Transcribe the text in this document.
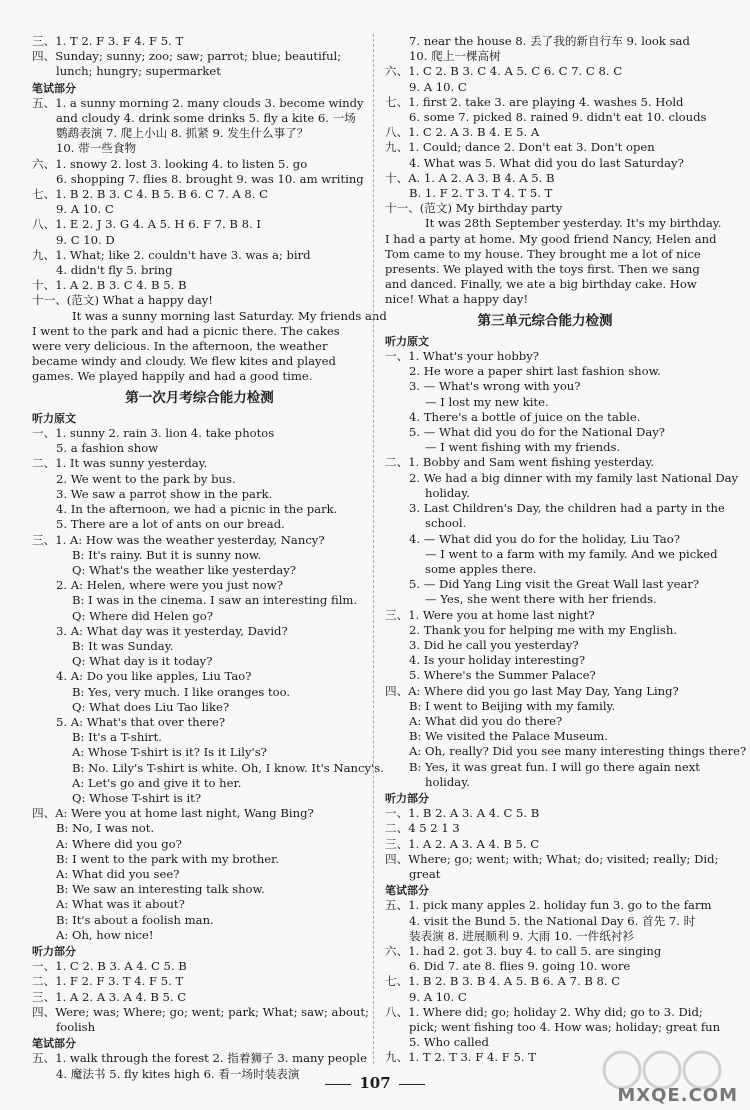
三、1. T 2. F 3. F 4. F 5. T
四、Sunday; sunny; zoo; saw; parrot; blue; beautiful;
lunch; hungry; supermarket
笔试部分
五、1. a sunny morning 2. many clouds 3. become windy
and cloudy 4. drink some drinks 5. fly a kite 6. 一场
鹦鹉表演 7. 爬上小山 8. 抓紧 9. 发生什么事了？
10. 带一些食物
六、1. snowy 2. lost 3. looking 4. to listen 5. go
6. shopping 7. flies 8. brought 9. was 10. am writing
七、1. B 2. B 3. C 4. B 5. B 6. C 7. A 8. C
9. A 10. C
八、1. E 2. J 3. G 4. A 5. H 6. F 7. B 8. I
9. C 10. D
九、1. What; like 2. couldn't have 3. was a; bird
4. didn't fly 5. bring
十、1. A 2. B 3. C 4. B 5. B
十一、(范文) What a happy day!
It was a sunny morning last Saturday. My friends and
I went to the park and had a picnic there. The cakes
were very delicious. In the afternoon, the weather
became windy and cloudy. We flew kites and played
games. We played happily and had a good time.
第一次月考综合能力检测
听力原文
一、1. sunny 2. rain 3. lion 4. take photos
5. a fashion show
二、1. It was sunny yesterday.
2. We went to the park by bus.
3. We saw a parrot show in the park.
4. In the afternoon, we had a picnic in the park.
5. There are a lot of ants on our bread.
三、1. A: How was the weather yesterday, Nancy?
B: It's rainy. But it is sunny now.
Q: What's the weather like yesterday?
2. A: Helen, where were you just now?
B: I was in the cinema. I saw an interesting film.
Q: Where did Helen go?
3. A: What day was it yesterday, David?
B: It was Sunday.
Q: What day is it today?
4. A: Do you like apples, Liu Tao?
B: Yes, very much. I like oranges too.
Q: What does Liu Tao like?
5. A: What's that over there?
B: It's a T-shirt.
A: Whose T-shirt is it? Is it Lily's?
B: No. Lily's T-shirt is white. Oh, I know. It's Nancy's.
A: Let's go and give it to her.
Q: Whose T-shirt is it?
四、A: Were you at home last night, Wang Bing?
B: No, I was not.
A: Where did you go?
B: I went to the park with my brother.
A: What did you see?
B: We saw an interesting talk show.
A: What was it about?
B: It's about a foolish man.
A: Oh, how nice!
听力部分
一、1. C 2. B 3. A 4. C 5. B
二、1. F 2. F 3. T 4. F 5. T
三、1. A 2. A 3. A 4. B 5. C
四、Were; was; Where; go; went; park; What; saw; about;
foolish
笔试部分
五、1. walk through the forest 2. 指着狮子 3. many people
4. 魔法书 5. fly kites high 6. 看一场时装表演
7. near the house 8. 丢了我的新自行车 9. look sad
10. 爬上一棵高树
六、1. C 2. B 3. C 4. A 5. C 6. C 7. C 8. C
9. A 10. C
七、1. first 2. take 3. are playing 4. washes 5. Hold
6. some 7. picked 8. rained 9. didn't eat 10. clouds
八、1. C 2. A 3. B 4. E 5. A
九、1. Could; dance 2. Don't eat 3. Don't open
4. What was 5. What did you do last Saturday?
十、A. 1. A 2. A 3. B 4. A 5. B
B. 1. F 2. T 3. T 4. T 5. T
十一、(范文) My birthday party
It was 28th September yesterday. It's my birthday.
I had a party at home. My good friend Nancy, Helen and
Tom came to my house. They brought me a lot of nice
presents. We played with the toys first. Then we sang
and danced. Finally, we ate a big birthday cake. How
nice! What a happy day!
第三单元综合能力检测
听力原文
一、1. What's your hobby?
2. He wore a paper shirt last fashion show.
3. — What's wrong with you?
— I lost my new kite.
4. There's a bottle of juice on the table.
5. — What did you do for the National Day?
— I went fishing with my friends.
二、1. Bobby and Sam went fishing yesterday.
2. We had a big dinner with my family last National Day
holiday.
3. Last Children's Day, the children had a party in the
school.
4. — What did you do for the holiday, Liu Tao?
— I went to a farm with my family. And we picked
some apples there.
5. — Did Yang Ling visit the Great Wall last year?
— Yes, she went there with her friends.
三、1. Were you at home last night?
2. Thank you for helping me with my English.
3. Did he call you yesterday?
4. Is your holiday interesting?
5. Where's the Summer Palace?
四、A: Where did you go last May Day, Yang Ling?
B: I went to Beijing with my family.
A: What did you do there?
B: We visited the Palace Museum.
A: Oh, really? Did you see many interesting things there?
B: Yes, it was great fun. I will go there again next
holiday.
听力部分
一、1. B 2. A 3. A 4. C 5. B
二、4 5 2 1 3
三、1. A 2. A 3. A 4. B 5. C
四、Where; go; went; with; What; do; visited; really; Did;
great
笔试部分
五、1. pick many apples 2. holiday fun 3. go to the farm
4. visit the Bund 5. the National Day 6. 首先 7. 时
装表演 8. 进展顺利 9. 大雨 10. 一件纸衬衫
六、1. had 2. got 3. buy 4. to call 5. are singing
6. Did 7. ate 8. flies 9. going 10. wore
七、1. B 2. B 3. B 4. A 5. B 6. A 7. B 8. C
9. A 10. C
八、1. Where did; go; holiday 2. Why did; go to 3. Did;
pick; went fishing too 4. How was; holiday; great fun
5. Who called
九、1. T 2. T 3. F 4. F 5. T
107
MXQE.COM
